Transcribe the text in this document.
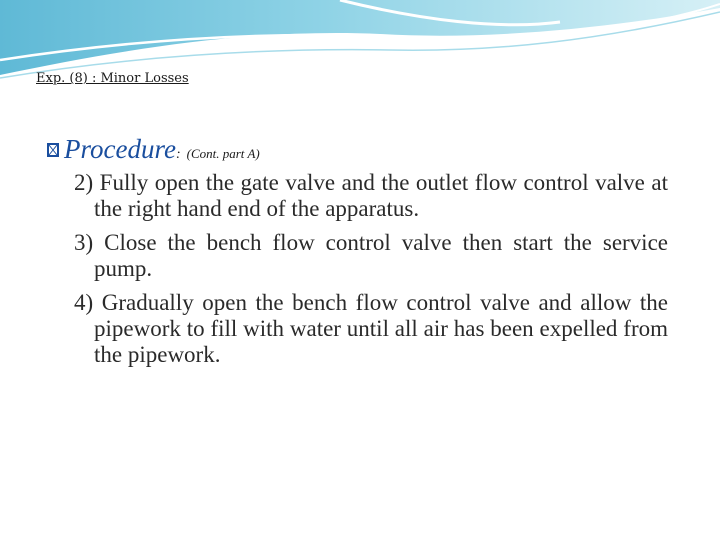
Exp. (8) : Minor Losses
Procedure : (Cont. part A)
2) Fully open the gate valve and the outlet flow control valve at the right hand end of the apparatus.
3) Close the bench flow control valve then start the service pump.
4) Gradually open the bench flow control valve and allow the pipework to fill with water until all air has been expelled from the pipework.
